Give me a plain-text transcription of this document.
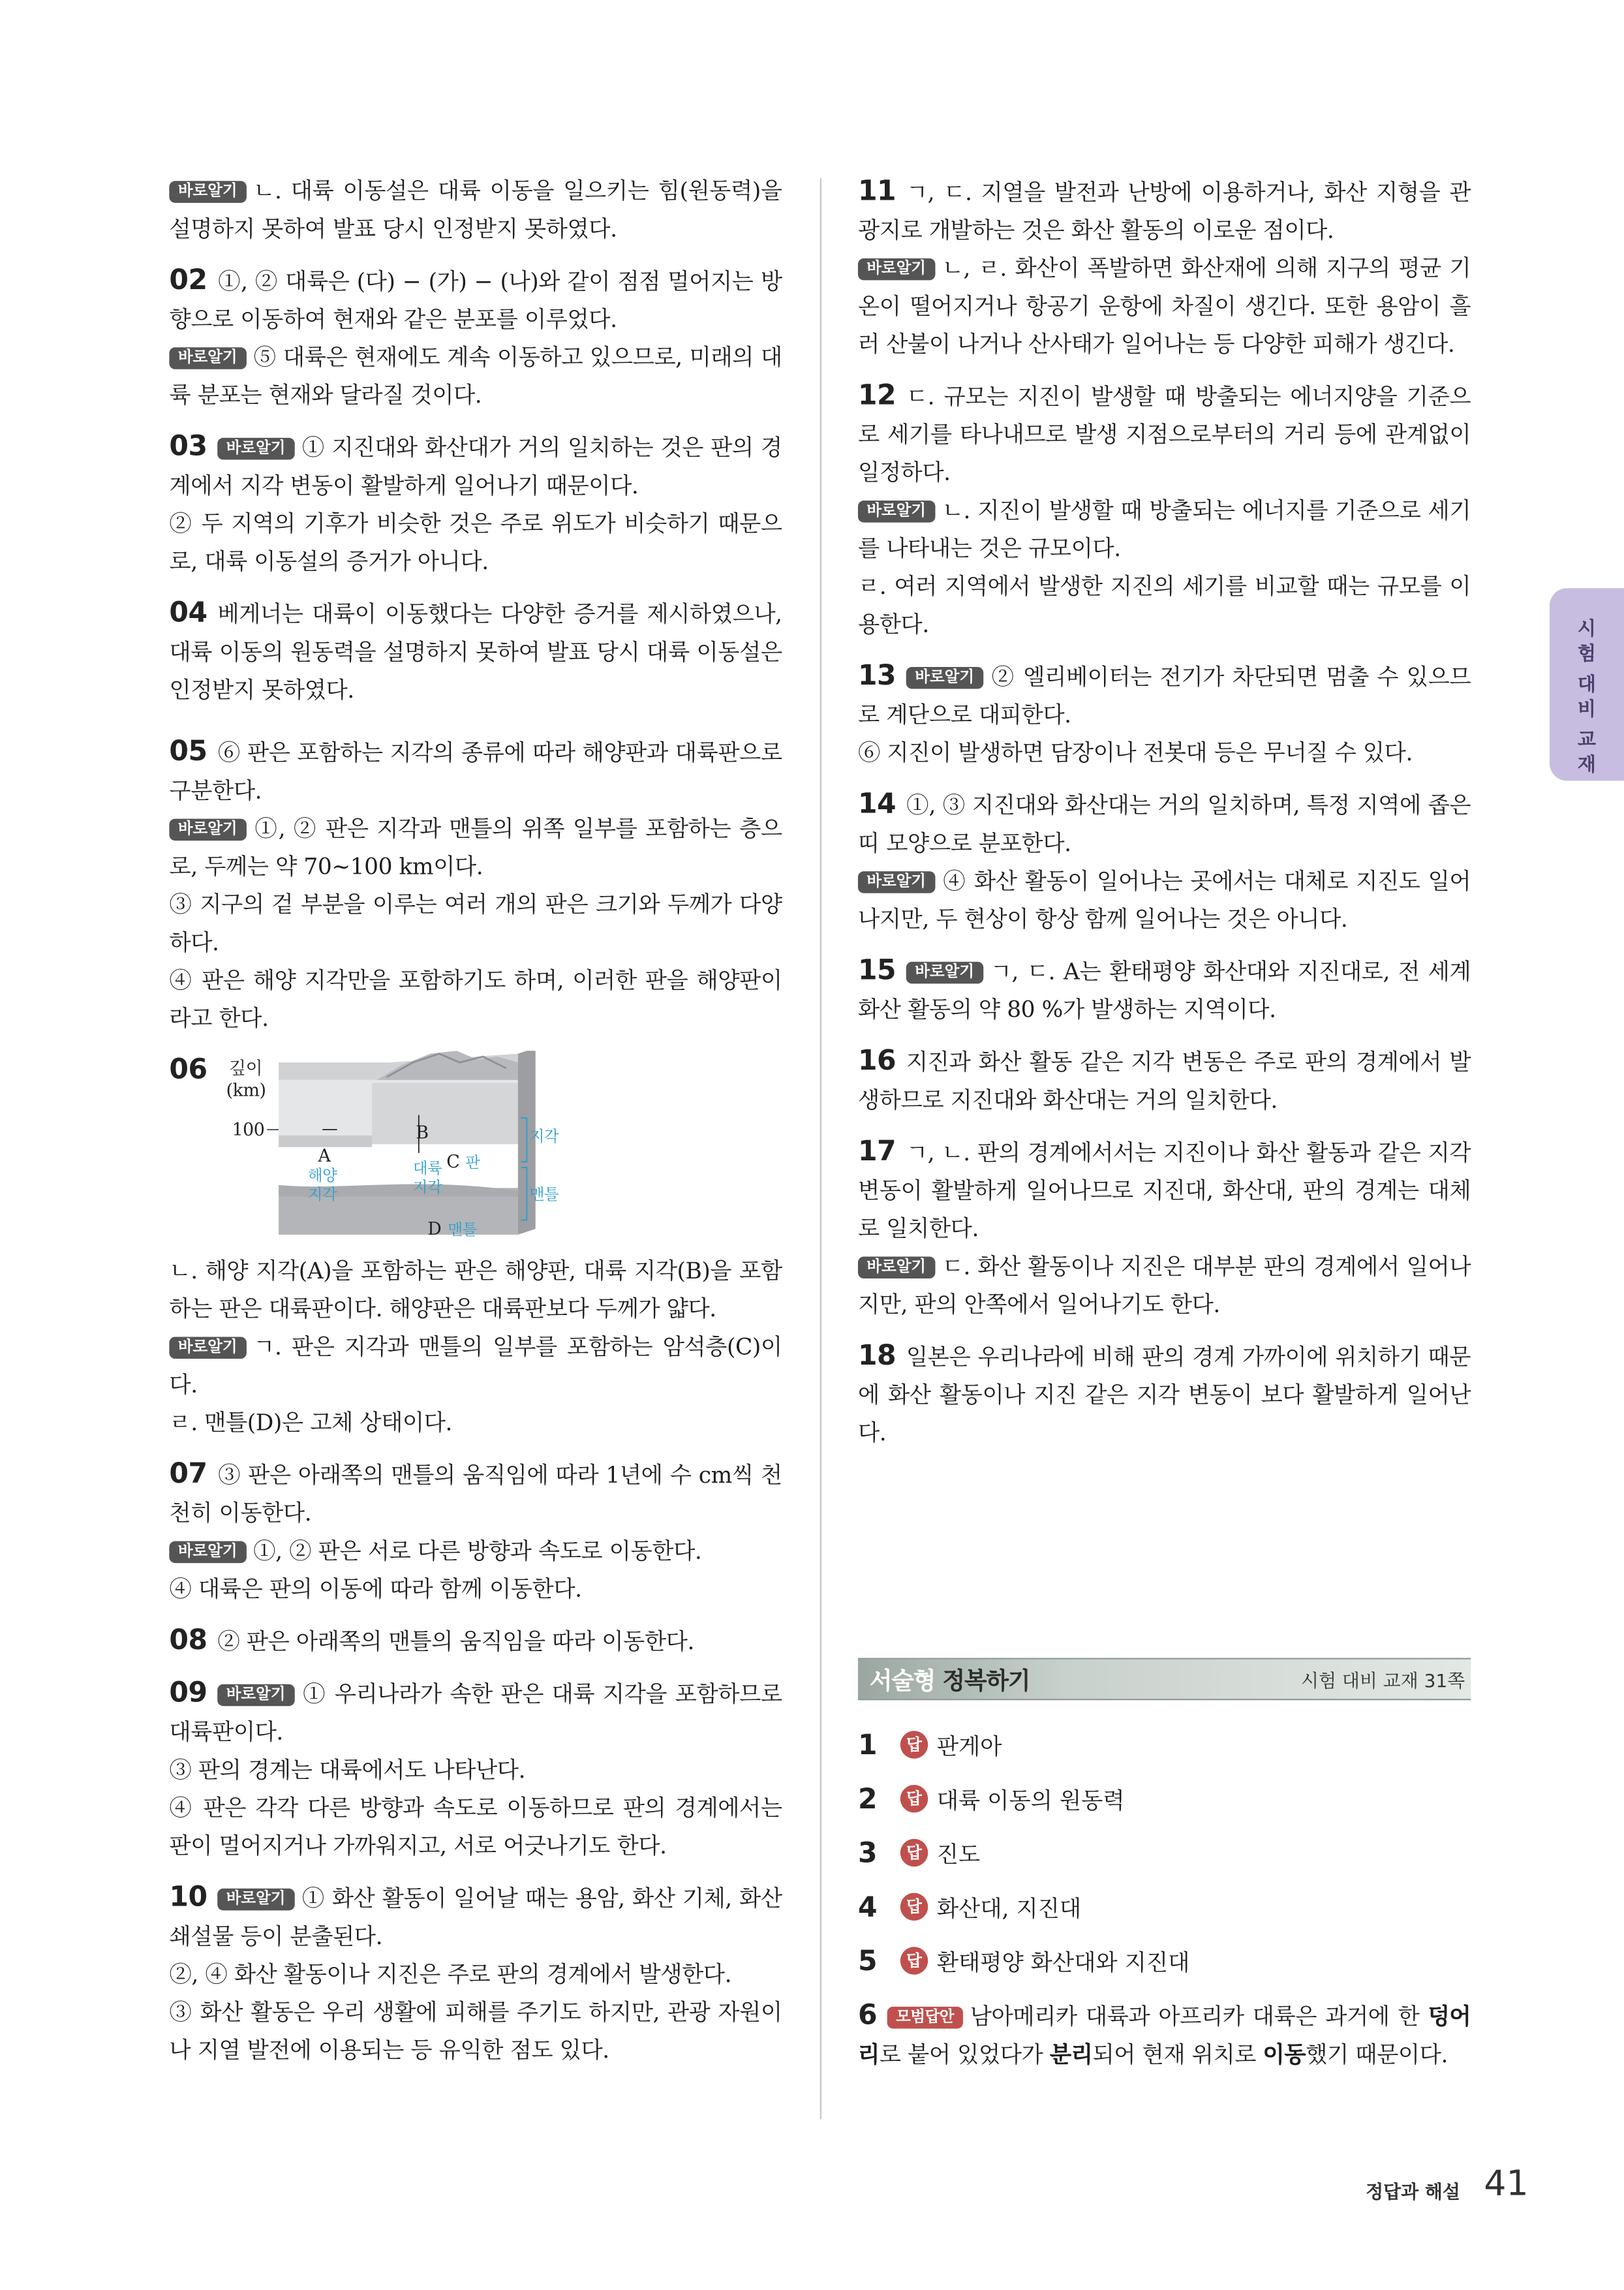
바로알기 ㄴ. 대륙 이동설은 대륙 이동을 일으키는 힘(원동력)을 설명하지 못하여 발표 당시 인정받지 못하였다.
02 ①, ② 대륙은 (다) − (가) − (나)와 같이 점점 멀어지는 방향으로 이동하여 현재와 같은 분포를 이루었다.
바로알기 ⑤ 대륙은 현재에도 계속 이동하고 있으므로, 미래의 대륙 분포는 현재와 달라질 것이다.
03	바로알기 ① 지진대와 화산대가 거의 일치하는 것은 판의 경계에서 지각 변동이 활발하게 일어나기 때문이다.
② 두 지역의 기후가 비슷한 것은 주로 위도가 비슷하기 때문으로, 대륙 이동설의 증거가 아니다.
04 베게너는 대륙이 이동했다는 다양한 증거를 제시하였으나, 대륙 이동의 원동력을 설명하지 못하여 발표 당시 대륙 이동설은 인정받지 못하였다.
05 ⑥ 판은 포함하는 지각의 종류에 따라 해양판과 대륙판으로 구분한다.
바로알기 ①, ② 판은 지각과 맨틀의 위쪽 일부를 포함하는 층으로, 두께는 약 70∼100 km이다.
③ 지구의 겉 부분을 이루는 여러 개의 판은 크기와 두께가 다양하다.
④ 판은 해양 지각만을 포함하기도 하며, 이러한 판을 해양판이라고 한다.
06	깊이
(km)
100
A
해양
지각
B
대륙
지각
C 판
D 맨틀
지각
맨틀
ㄴ. 해양 지각(A)을 포함하는 판은 해양판, 대륙 지각(B)을 포함하는 판은 대륙판이다. 해양판은 대륙판보다 두께가 얇다.
바로알기 ㄱ. 판은 지각과 맨틀의 일부를 포함하는 암석층(C)이다.
ㄹ. 맨틀(D)은 고체 상태이다.
07 ③ 판은 아래쪽의 맨틀의 움직임에 따라 1년에 수 cm씩 천천히 이동한다.
바로알기 ①, ② 판은 서로 다른 방향과 속도로 이동한다.
④ 대륙은 판의 이동에 따라 함께 이동한다.
08 ② 판은 아래쪽의 맨틀의 움직임을 따라 이동한다.
09	바로알기 ① 우리나라가 속한 판은 대륙 지각을 포함하므로 대륙판이다.
③ 판의 경계는 대륙에서도 나타난다.
④ 판은 각각 다른 방향과 속도로 이동하므로 판의 경계에서는 판이 멀어지거나 가까워지고, 서로 어긋나기도 한다.
10	바로알기 ① 화산 활동이 일어날 때는 용암, 화산 기체, 화산 쇄설물 등이 분출된다.
②, ④ 화산 활동이나 지진은 주로 판의 경계에서 발생한다.
③ 화산 활동은 우리 생활에 피해를 주기도 하지만, 관광 자원이나 지열 발전에 이용되는 등 유익한 점도 있다.
11 ㄱ, ㄷ. 지열을 발전과 난방에 이용하거나, 화산 지형을 관광지로 개발하는 것은 화산 활동의 이로운 점이다.
바로알기 ㄴ, ㄹ. 화산이 폭발하면 화산재에 의해 지구의 평균 기온이 떨어지거나 항공기 운항에 차질이 생긴다. 또한 용암이 흘러 산불이 나거나 산사태가 일어나는 등 다양한 피해가 생긴다.
12 ㄷ. 규모는 지진이 발생할 때 방출되는 에너지양을 기준으로 세기를 타나내므로 발생 지점으로부터의 거리 등에 관계없이 일정하다.
바로알기 ㄴ. 지진이 발생할 때 방출되는 에너지를 기준으로 세기를 나타내는 것은 규모이다.
ㄹ. 여러 지역에서 발생한 지진의 세기를 비교할 때는 규모를 이용한다.
13	바로알기 ② 엘리베이터는 전기가 차단되면 멈출 수 있으므로 계단으로 대피한다.
⑥ 지진이 발생하면 담장이나 전봇대 등은 무너질 수 있다.
14 ①, ③ 지진대와 화산대는 거의 일치하며, 특정 지역에 좁은 띠 모양으로 분포한다.
바로알기 ④ 화산 활동이 일어나는 곳에서는 대체로 지진도 일어나지만, 두 현상이 항상 함께 일어나는 것은 아니다.
15	바로알기 ㄱ, ㄷ. A는 환태평양 화산대와 지진대로, 전 세계 화산 활동의 약 80 %가 발생하는 지역이다.
16 지진과 화산 활동 같은 지각 변동은 주로 판의 경계에서 발생하므로 지진대와 화산대는 거의 일치한다.
17 ㄱ, ㄴ. 판의 경계에서서는 지진이나 화산 활동과 같은 지각 변동이 활발하게 일어나므로 지진대, 화산대, 판의 경계는 대체로 일치한다.
바로알기 ㄷ. 화산 활동이나 지진은 대부분 판의 경계에서 일어나지만, 판의 안쪽에서 일어나기도 한다.
18 일본은 우리나라에 비해 판의 경계 가까이에 위치하기 때문에 화산 활동이나 지진 같은 지각 변동이 보다 활발하게 일어난다.
서술형 정복하기	시험 대비 교재 31쪽
1	답	판게아
2	답	대륙 이동의 원동력
3	답	진도
4	답	화산대, 지진대
5	답	환태평양 화산대와 지진대
6	모범답안 남아메리카 대륙과 아프리카 대륙은 과거에 한 덩어리로 붙어 있었다가 분리되어 현재 위치로 이동했기 때문이다.
시
험
대
비
교
재
정답과 해설 41
